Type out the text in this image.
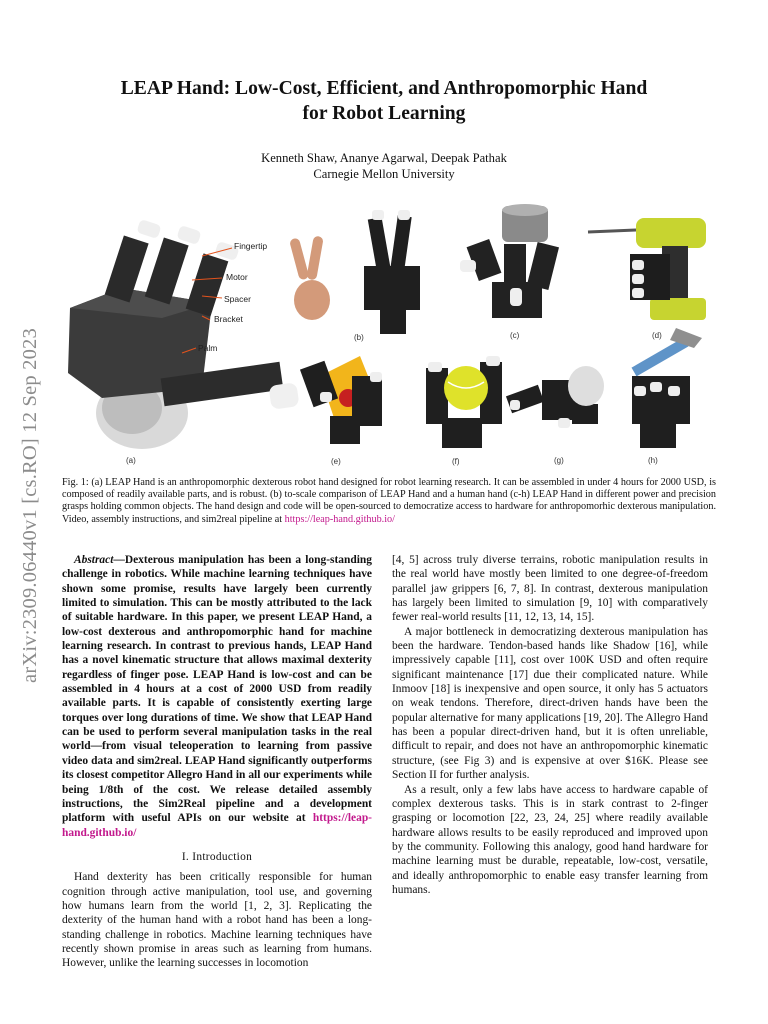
arXiv:2309.06440v1 [cs.RO] 12 Sep 2023
LEAP Hand: Low-Cost, Efficient, and Anthropomorphic Hand
for Robot Learning
Kenneth Shaw, Ananye Agarwal, Deepak Pathak
Carnegie Mellon University
Fingertip
Motor
Spacer
Bracket
Palm
(a)
(b)	(c)	(d)
(e)	(f)	(g)	(h)
Fig. 1: (a) LEAP Hand is an anthropomorphic dexterous robot hand designed for robot learning research. It can be assembled in under 4 hours for 2000 USD, is composed of readily available parts, and is robust. (b) to-scale comparison of LEAP Hand and a human hand (c-h) LEAP Hand in different power and precision grasps holding common objects. The hand design and code will be open-sourced to democratize access to hardware for anthropomorhic dexterous manipulation. Video, assembly instructions, and sim2real pipeline at https://leap-hand.github.io/

Abstract—Dexterous manipulation has been a long-standing challenge in robotics. While machine learning techniques have shown some promise, results have largely been currently limited to simulation. This can be mostly attributed to the lack of suitable hardware. In this paper, we present LEAP Hand, a low-cost dexterous and anthropomorphic hand for machine learning research. In contrast to previous hands, LEAP Hand has a novel kinematic structure that allows maximal dexterity regardless of finger pose. LEAP Hand is low-cost and can be assembled in 4 hours at a cost of 2000 USD from readily available parts. It is capable of consistently exerting large torques over long durations of time. We show that LEAP Hand can be used to perform several manipulation tasks in the real world—from visual teleoperation to learning from passive video data and sim2real. LEAP Hand significantly outperforms its closest competitor Allegro Hand in all our experiments while being 1/8th of the cost. We release detailed assembly instructions, the Sim2Real pipeline and a development platform with useful APIs on our website at https://leap-hand.github.io/

I. Introduction

Hand dexterity has been critically responsible for human cognition through active manipulation, tool use, and governing how humans learn from the world [1, 2, 3]. Replicating the dexterity of the human hand with a robot hand has been a long-standing challenge in robotics. Machine learning techniques have recently shown promise in areas such as learning from humans. However, unlike the learning successes in locomotion

[4, 5] across truly diverse terrains, robotic manipulation results in the real world have mostly been limited to one degree-of-freedom parallel jaw grippers [6, 7, 8]. In contrast, dexterous manipulation has largely been limited to simulation [9, 10] with comparatively fewer real-world results [11, 12, 13, 14, 15].

A major bottleneck in democratizing dexterous manipulation has been the hardware. Tendon-based hands like Shadow [16], while impressively capable [11], cost over 100K USD and often require significant maintenance [17] due their complicated nature. While Inmoov [18] is inexpensive and open source, it only has 5 actuators on weak tendons. Therefore, direct-driven hands have been the popular alternative for many applications [19, 20]. The Allegro Hand has been a popular direct-driven hand, but it is often unreliable, difficult to repair, and does not have an anthropomorphic kinematic structure, (see Fig 3) and is expensive at over $16K. Please see Section II for further analysis.

As a result, only a few labs have access to hardware capable of complex dexterous tasks. This is in stark contrast to 2-finger grasping or locomotion [22, 23, 24, 25] where readily available hardware allows results to be easily reproduced and improved upon by the community. Following this analogy, good hand hardware for machine learning must be durable, repeatable, low-cost, versatile, and ideally anthropomorphic to enable easy transfer learning from humans.
